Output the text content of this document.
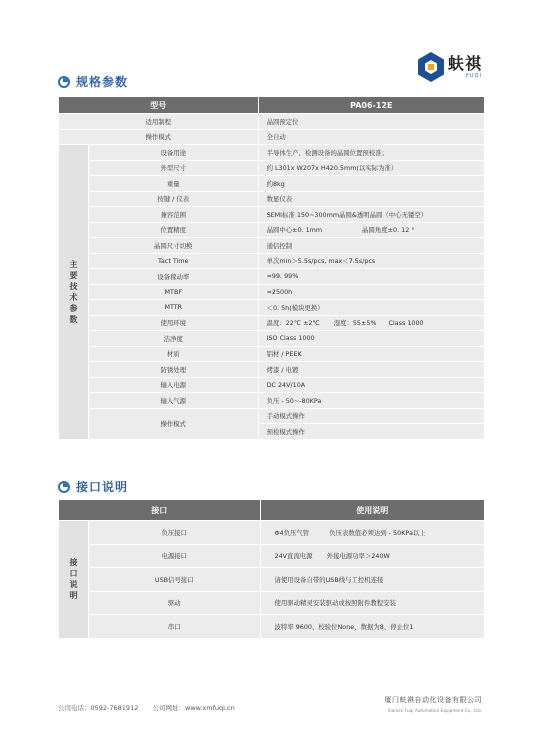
规格参数
蚨祺
FUQI
型号		PA06-12E
适用制程		晶圆预定位
操作模式		全自动
主要技术参数	设备用途	半导体生产、检测设备的晶圆位置预校准；
	外型尺寸	约 L301x W207x H420.5mm(以实际为准）
	重量	约8kg
	按键 / 仪表	数显仪表
	兼容范围	SEMI标准 150~300mm晶圆&透明晶圆（中心无镂空）
	位置精度	晶圆中心±0. 1mm 晶圆角度±0. 12 °
	晶圆尺寸切换	通信控制
	Tact Time	单次min＞5.5s/pcs, max＜7.5s/pcs
	设备稼动率	≈99. 99%
	MTBF	≈2500h
	MTTR	＜0. 5h(模块更换）
	使用环境	温度：22℃ ±2℃ 湿度：55±5% Class 1000
	洁净度	ISO Class 1000
	材质	铝材 / PEEK
	防锈处理	烤漆 / 电镀
	输入电源	DC 24V/10A
	输入气源	负压 - 50~-80KPa
	操作模式	手动模式操作
		预检模式操作
接口说明
接口		使用说明
接口说明	负压接口	Φ4负压气管 负压表数值必须达到 - 50KPa以上
	电源接口	24V直流电源 外接电源功率＞240W
	USB信号接口	请使用设备自带的USB线与工控机连接
	驱动	使用驱动精灵安装驱动或按照附件教程安装
	串口	波特率 9600、校验位None、数据为8、停止位1
公司电话：0592-7681912 公司网址：www.xmfuqi.cn
厦门蚨祺自动化设备有限公司
Xiamen Fuqi Automation Equipment Co., Ltd.
